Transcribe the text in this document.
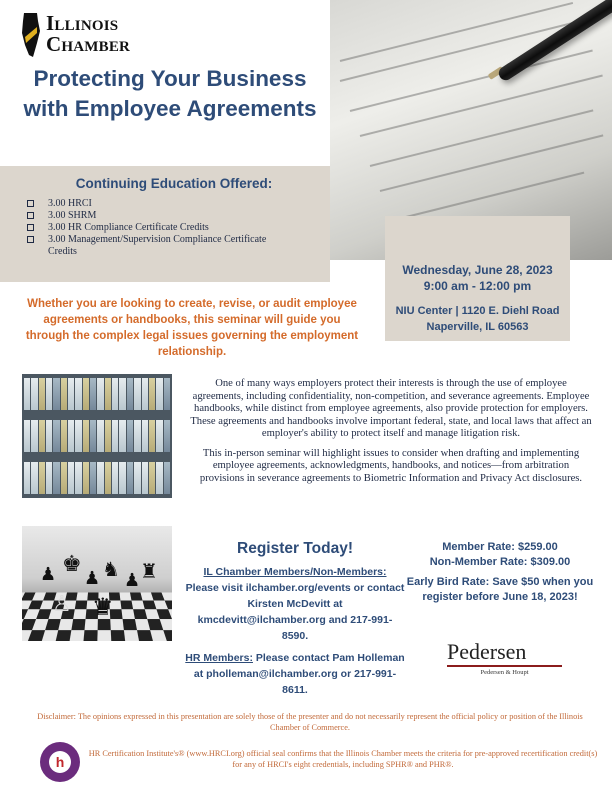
Illinois
Chamber
Protecting Your Business with Employee Agreements
Continuing Education Offered:
3.00 HRCI
3.00 SHRM
3.00 HR Compliance Certificate Credits
3.00 Management/Supervision Compliance Certificate Credits
Wednesday, June 28, 2023
9:00 am - 12:00 pm
NIU Center | 1120 E. Diehl Road
Naperville, IL 60563
Whether you are looking to create, revise, or audit employee agreements or handbooks, this seminar will guide you through the complex legal issues governing the employment relationship.

One of many ways employers protect their interests is through the use of employee agreements, including confidentiality, non-competition, and severance agreements. Employee handbooks, while distinct from employee agreements, also provide protection for employers. These agreements and handbooks involve important federal, state, and local laws that affect an employer's ability to protect itself and manage litigation risk.

This in-person seminar will highlight issues to consider when drafting and implementing employee agreements, acknowledgments, handbooks, and notices—from arbitration provisions in severance agreements to Biometric Information and Privacy Act disclosures.

♟ ♚
♟ ♞ ♟ ♜
♙ ♛
Register Today!
IL Chamber Members/Non-Members:
Please visit ilchamber.org/events or contact Kirsten McDevitt at kmcdevitt@ilchamber.org and 217-991-8590.
HR Members: Please contact Pam Holleman at pholleman@ilchamber.org or 217-991-8611.
Member Rate: $259.00
Non-Member Rate: $309.00
Early Bird Rate: Save $50 when you register before June 18, 2023!
Pedersen
Pedersen & Houpt
Disclaimer: The opinions expressed in this presentation are solely those of the presenter and do not necessarily represent the official policy or position of the Illinois Chamber of Commerce.
h
HR Certification Institute's® (www.HRCI.org) official seal confirms that the Illinois Chamber meets the criteria for pre-approved recertification credit(s) for any of HRCI's eight credentials, including SPHR® and PHR®.
